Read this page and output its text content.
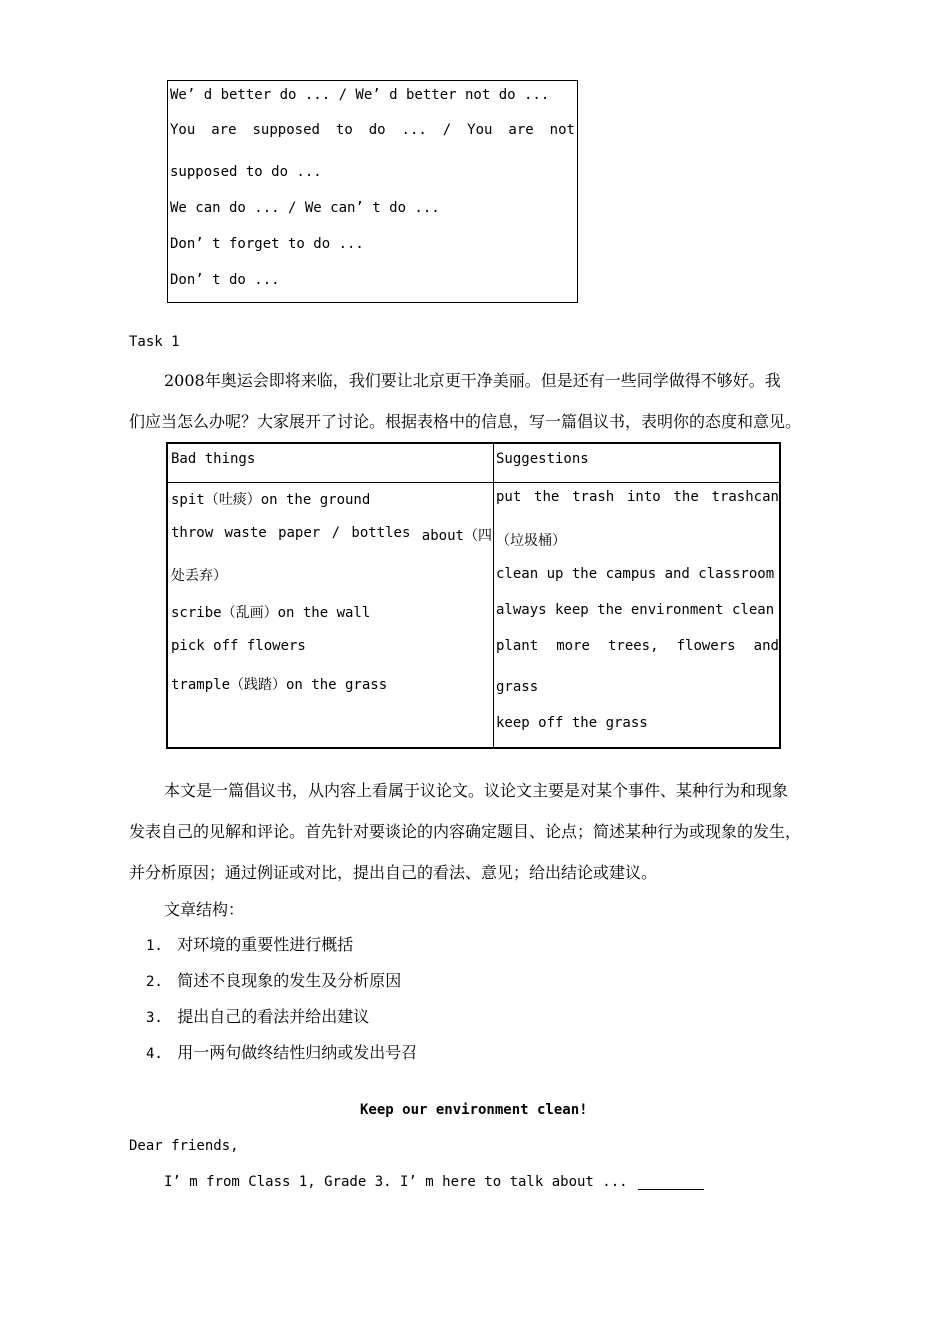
We’ d better do ... / We’ d better not do ...
You are supposed to do ... / You are not
supposed to do ...
We can do ... / We can’ t do ...
Don’ t forget to do ...
Don’ t do ...
Task 1
2008年奥运会即将来临，我们要让北京更干净美丽。但是还有一些同学做得不够好。我
们应当怎么办呢？大家展开了讨论。根据表格中的信息，写一篇倡议书，表明你的态度和意见。
Bad things	Suggestions
spit（吐痰）on the ground
throw waste paper / bottles about（四
处丢弃）
scribe（乱画）on the wall
pick off flowers
trample（践踏）on the grass
put the trash into the trashcan
（垃圾桶）
clean up the campus and classroom
always keep the environment clean
plant more trees, flowers and
grass
keep off the grass
本文是一篇倡议书，从内容上看属于议论文。议论文主要是对某个事件、某种行为和现象
发表自己的见解和评论。首先针对要谈论的内容确定题目、论点；简述某种行为或现象的发生，
并分析原因；通过例证或对比，提出自己的看法、意见；给出结论或建议。
文章结构：
1. 对环境的重要性进行概括
2. 简述不良现象的发生及分析原因
3. 提出自己的看法并给出建议
4. 用一两句做终结性归纳或发出号召
Keep our environment clean!
Dear friends,
I’ m from Class 1, Grade 3. I’ m here to talk about ...
